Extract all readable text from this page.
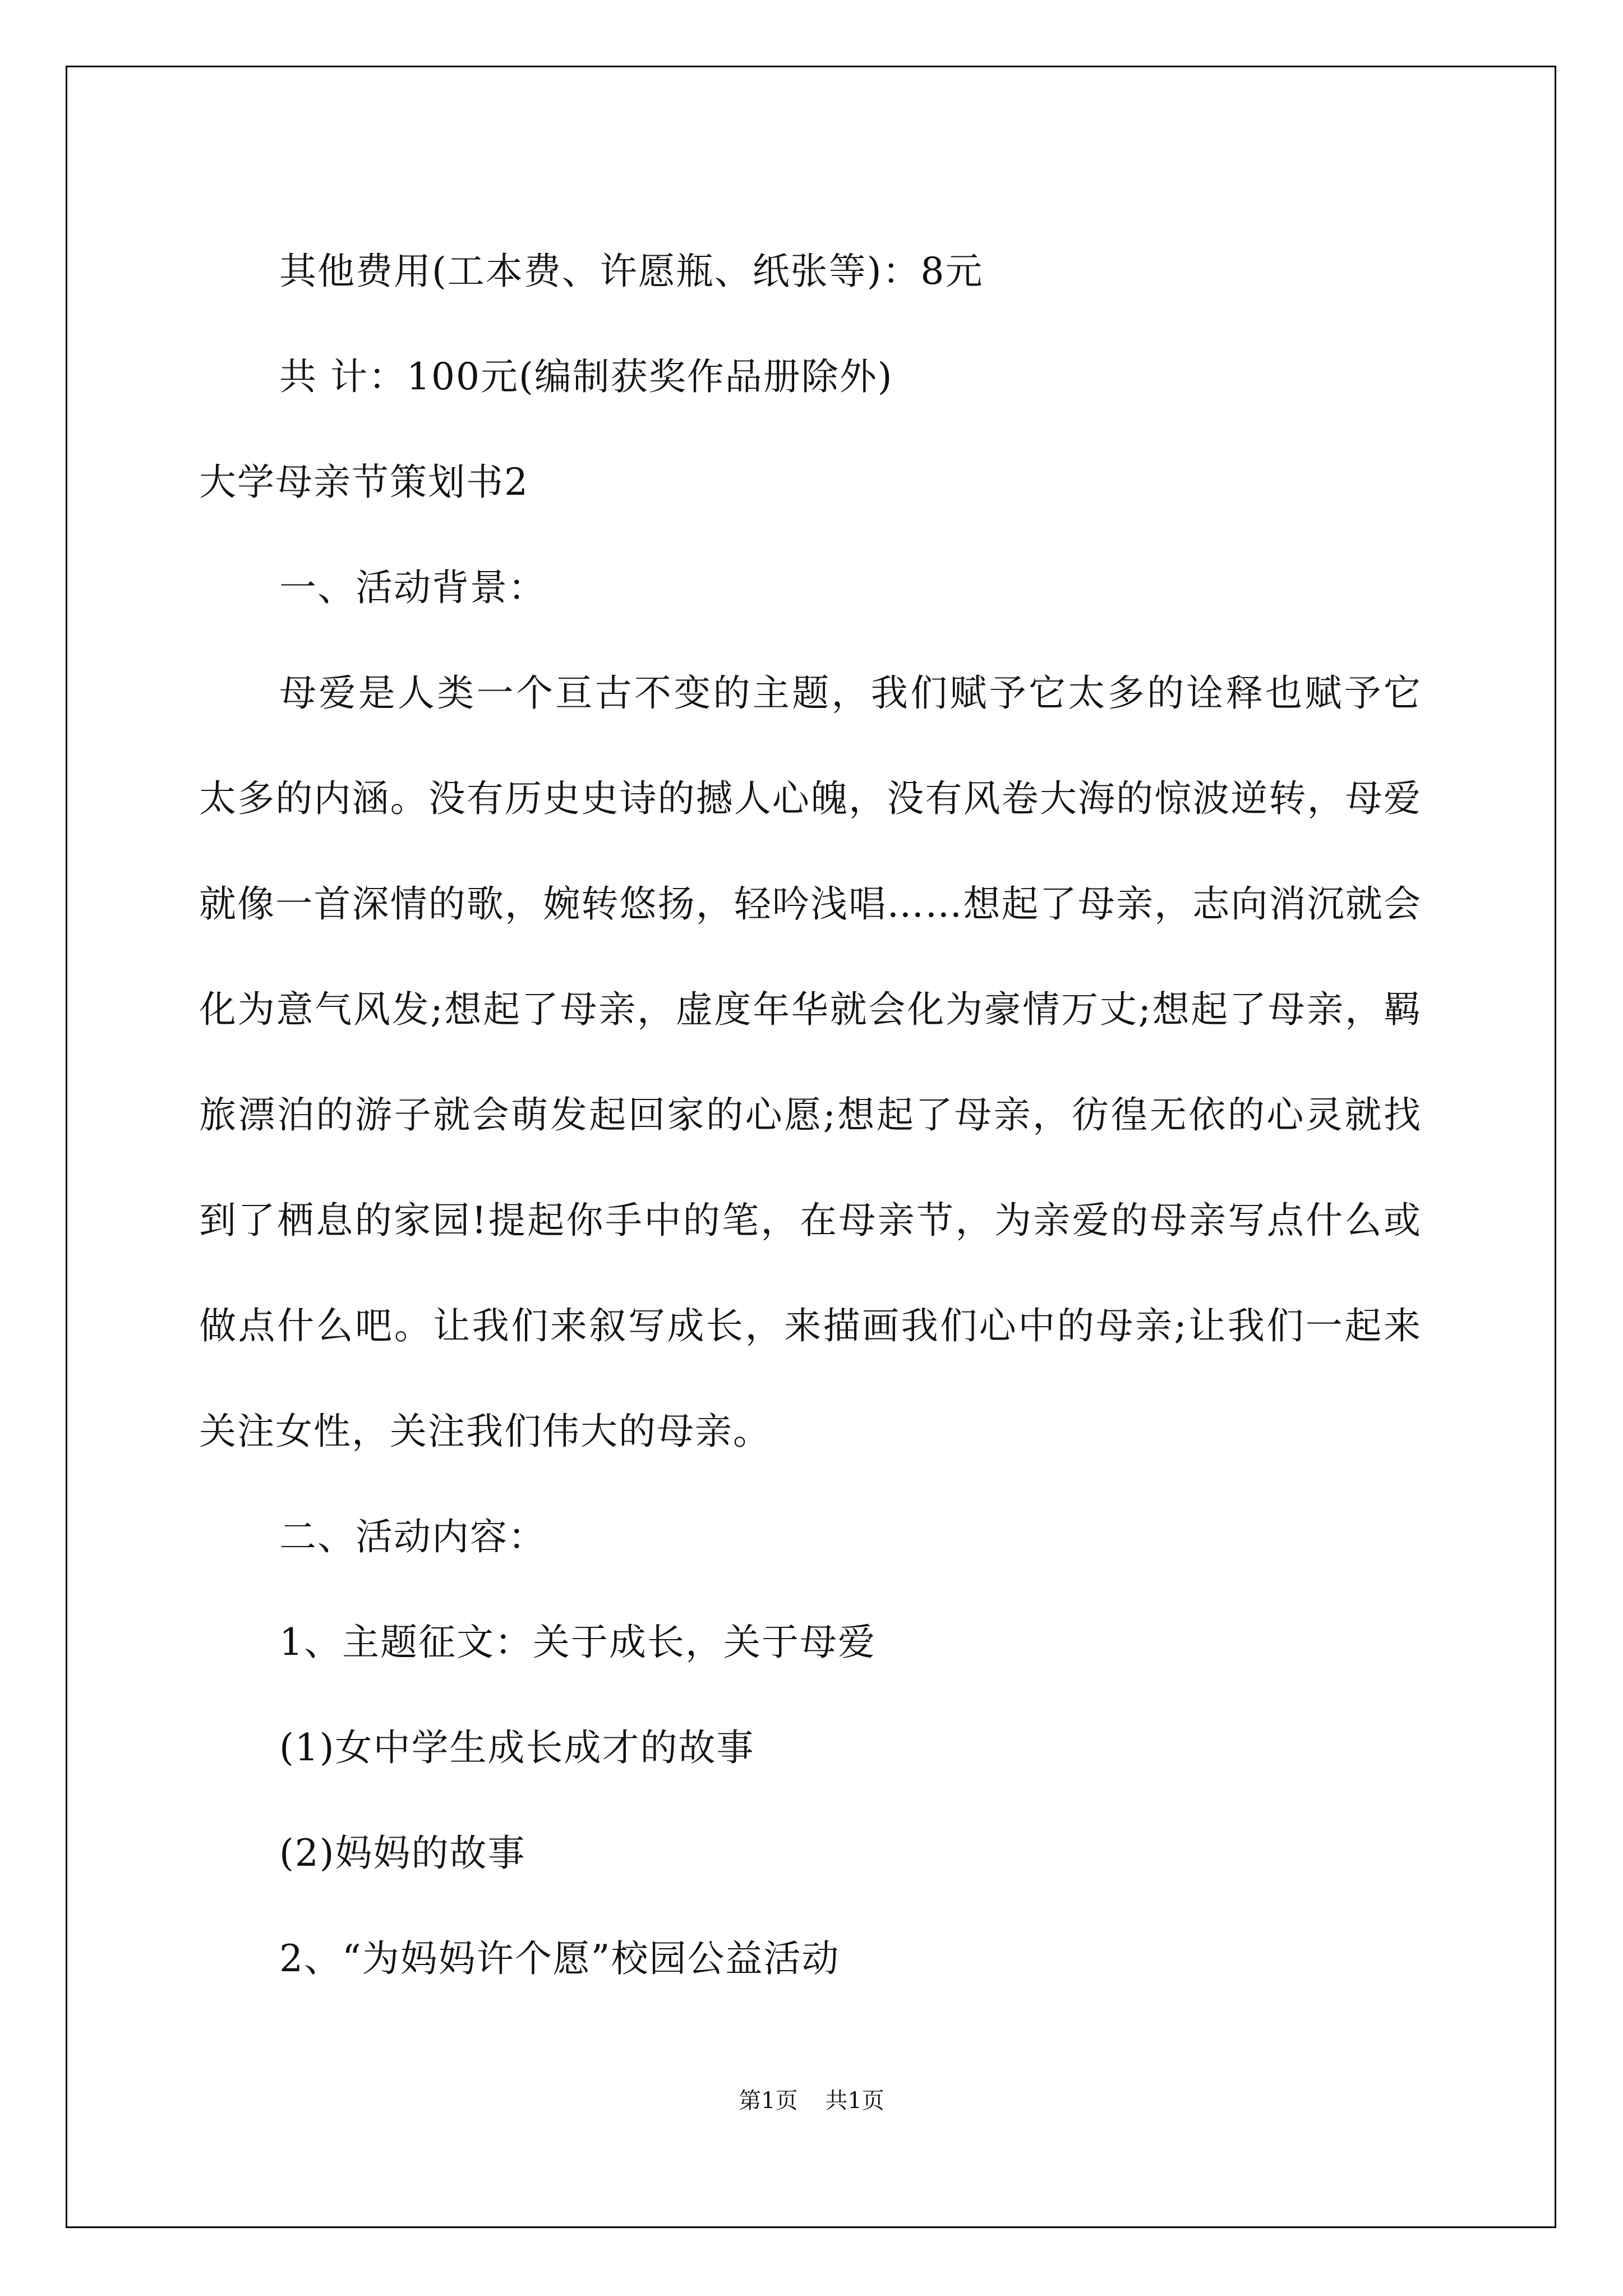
其他费用(工本费、许愿瓶、纸张等)：8元

共 计：100元(编制获奖作品册除外)

大学母亲节策划书2

一、活动背景：

母爱是人类一个亘古不变的主题，我们赋予它太多的诠释也赋予它太多的内涵。没有历史史诗的撼人心魄，没有风卷大海的惊波逆转，母爱就像一首深情的歌，婉转悠扬，轻吟浅唱……想起了母亲，志向消沉就会化为意气风发;想起了母亲，虚度年华就会化为豪情万丈;想起了母亲，羁旅漂泊的游子就会萌发起回家的心愿;想起了母亲，彷徨无依的心灵就找到了栖息的家园!提起你手中的笔，在母亲节，为亲爱的母亲写点什么或做点什么吧。让我们来叙写成长，来描画我们心中的母亲;让我们一起来关注女性，关注我们伟大的母亲。

二、活动内容：

1、主题征文：关于成长，关于母爱

(1)女中学生成长成才的故事

(2)妈妈的故事

2、“为妈妈许个愿”校园公益活动

第1页 共1页
